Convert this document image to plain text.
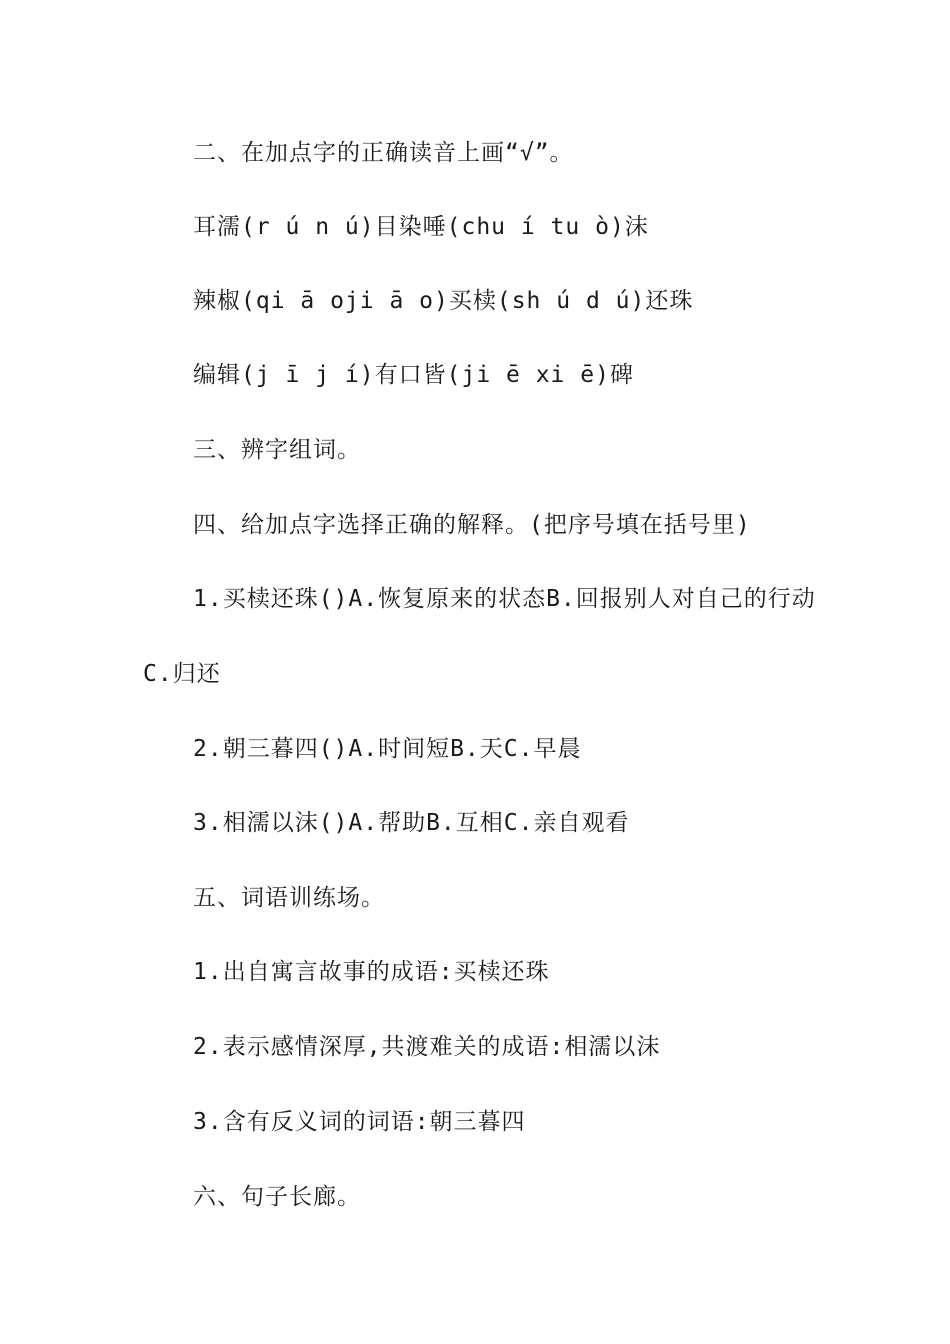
二、在加点字的正确读音上画“√”。
耳濡(r ú n ú)目染唾(chu í tu ò)沫
辣椒(qi ā oji ā o)买椟(sh ú d ú)还珠
编辑(j ī j í)有口皆(ji ē xi ē)碑
三、辨字组词。
四、给加点字选择正确的解释。(把序号填在括号里)
1.买椟还珠()A.恢复原来的状态B.回报别人对自己的行动
C.归还
2.朝三暮四()A.时间短B.天C.早晨
3.相濡以沫()A.帮助B.互相C.亲自观看
五、词语训练场。
1.出自寓言故事的成语:买椟还珠
2.表示感情深厚,共渡难关的成语:相濡以沫
3.含有反义词的词语:朝三暮四
六、句子长廊。
